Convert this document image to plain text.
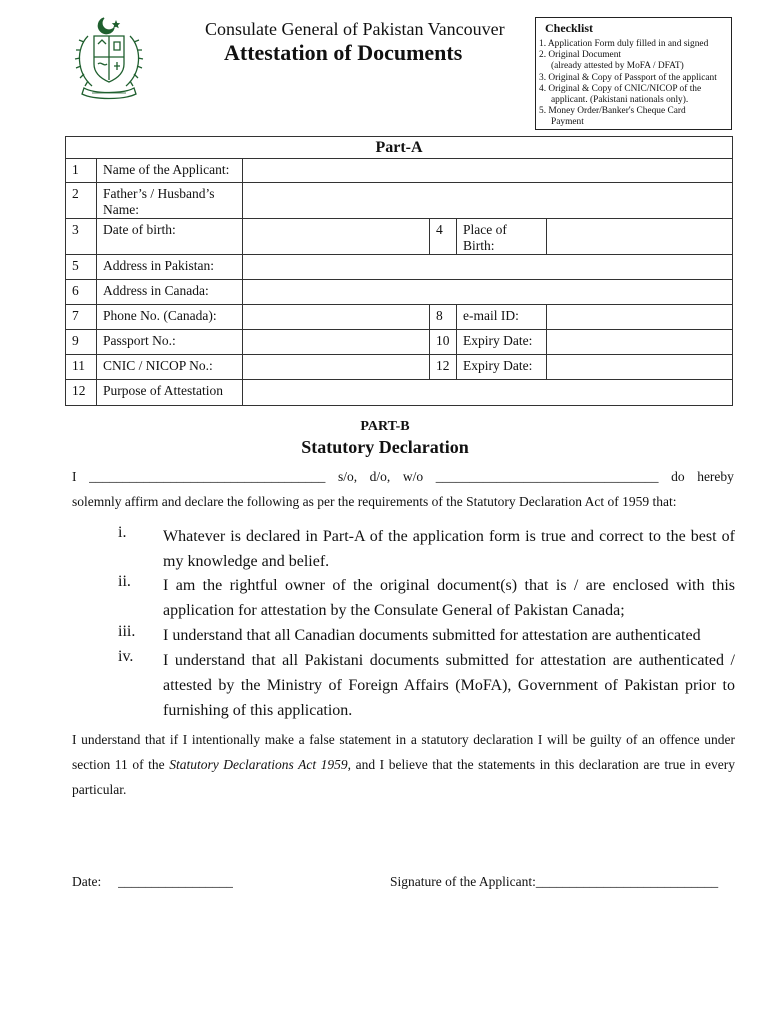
Consulate General of Pakistan Vancouver
Attestation of Documents
Checklist
1. Application Form duly filled in and signed
2. Original Document
(already attested by MoFA / DFAT)
3. Original & Copy of Passport of the applicant
4. Original & Copy of CNIC/NICOP of the
applicant. (Pakistani nationals only).
5. Money Order/Banker's Cheque Card
Payment
Part-A					
1	Name of the Applicant:				
2	Father’s / Husband’s Name:				
3	Date of birth:		4	Place of Birth:	
5	Address in Pakistan:				
6	Address in Canada:				
7	Phone No. (Canada):		8	e-mail ID:	
9	Passport No.:		10	Expiry Date:	
11	CNIC / NICOP No.:		12	Expiry Date:	
12	Purpose of Attestation				
PART-B
Statutory Declaration
I ___________________________________ s/o, d/o, w/o _________________________________ do hereby
solemnly affirm and declare the following as per the requirements of the Statutory Declaration Act of 1959 that:
i. Whatever is declared in Part-A of the application form is true and correct to the best of my knowledge and belief.
ii. I am the rightful owner of the original document(s) that is / are enclosed with this application for attestation by the Consulate General of Pakistan Canada;
iii. I understand that all Canadian documents submitted for attestation are authenticated
iv. I understand that all Pakistani documents submitted for attestation are authenticated / attested by the Ministry of Foreign Affairs (MoFA), Government of Pakistan prior to furnishing of this application.
I understand that if I intentionally make a false statement in a statutory declaration I will be guilty of an offence under section 11 of the Statutory Declarations Act 1959, and I believe that the statements in this declaration are true in every particular.
Date: _________________	Signature of the Applicant:___________________________
